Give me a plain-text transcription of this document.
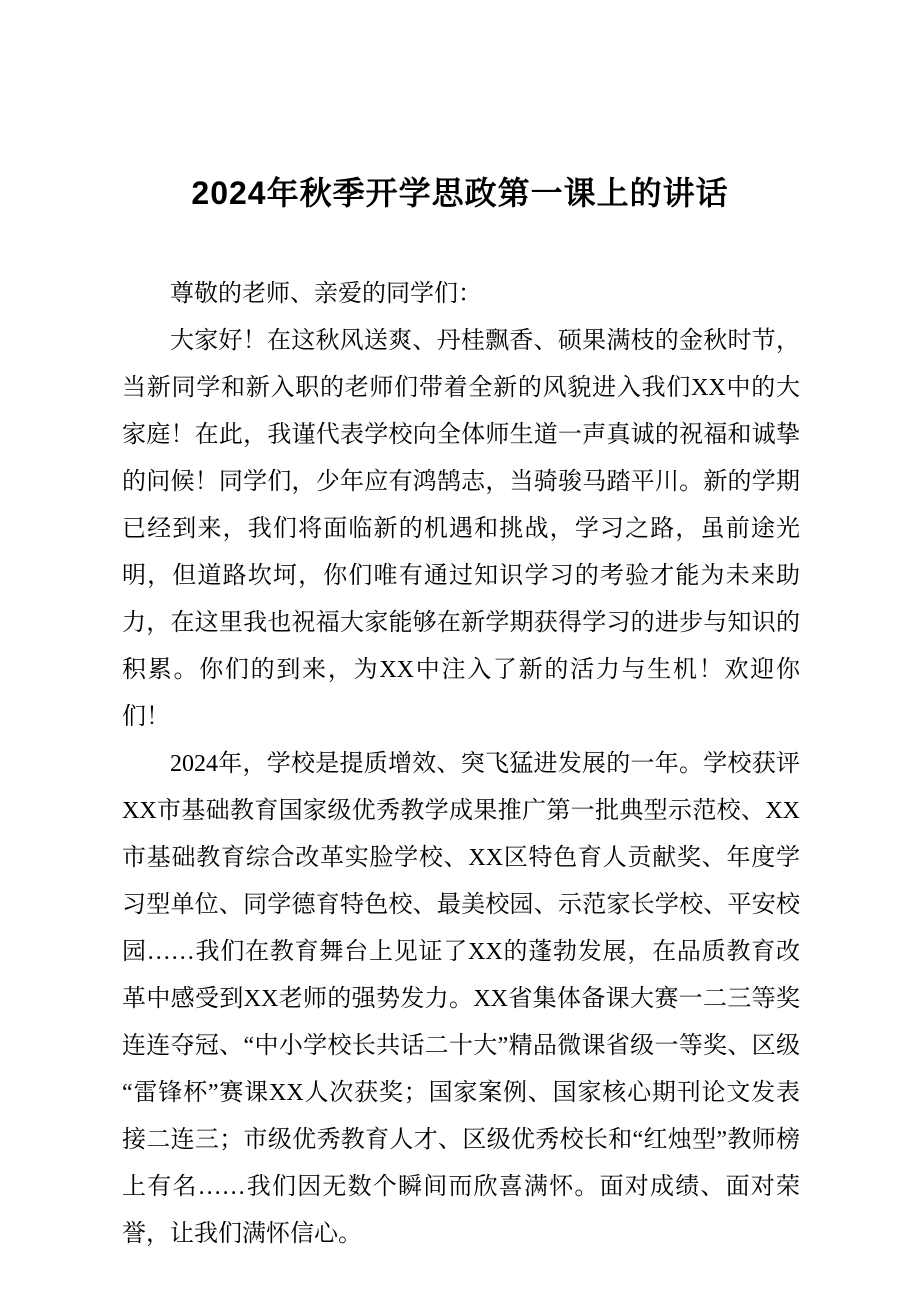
2024年秋季开学思政第一课上的讲话

尊敬的老师、亲爱的同学们：

大家好！在这秋风送爽、丹桂飘香、硕果满枝的金秋时节，当新同学和新入职的老师们带着全新的风貌进入我们XX中的大家庭！在此，我谨代表学校向全体师生道一声真诚的祝福和诚挚的问候！同学们，少年应有鸿鹄志，当骑骏马踏平川。新的学期已经到来，我们将面临新的机遇和挑战，学习之路，虽前途光明，但道路坎坷，你们唯有通过知识学习的考验才能为未来助力，在这里我也祝福大家能够在新学期获得学习的进步与知识的积累。你们的到来，为XX中注入了新的活力与生机！欢迎你们！

2024年，学校是提质增效、突飞猛进发展的一年。学校获评XX市基础教育国家级优秀教学成果推广第一批典型示范校、XX市基础教育综合改革实脸学校、XX区特色育人贡献奖、年度学习型单位、同学德育特色校、最美校园、示范家长学校、平安校园……我们在教育舞台上见证了XX的蓬勃发展，在品质教育改革中感受到XX老师的强势发力。XX省集体备课大赛一二三等奖连连夺冠、“中小学校长共话二十大”精品微课省级一等奖、区级“雷锋杯”赛课XX人次获奖；国家案例、国家核心期刊论文发表接二连三；市级优秀教育人才、区级优秀校长和“红烛型”教师榜上有名……我们因无数个瞬间而欣喜满怀。面对成绩、面对荣誉，让我们满怀信心。
